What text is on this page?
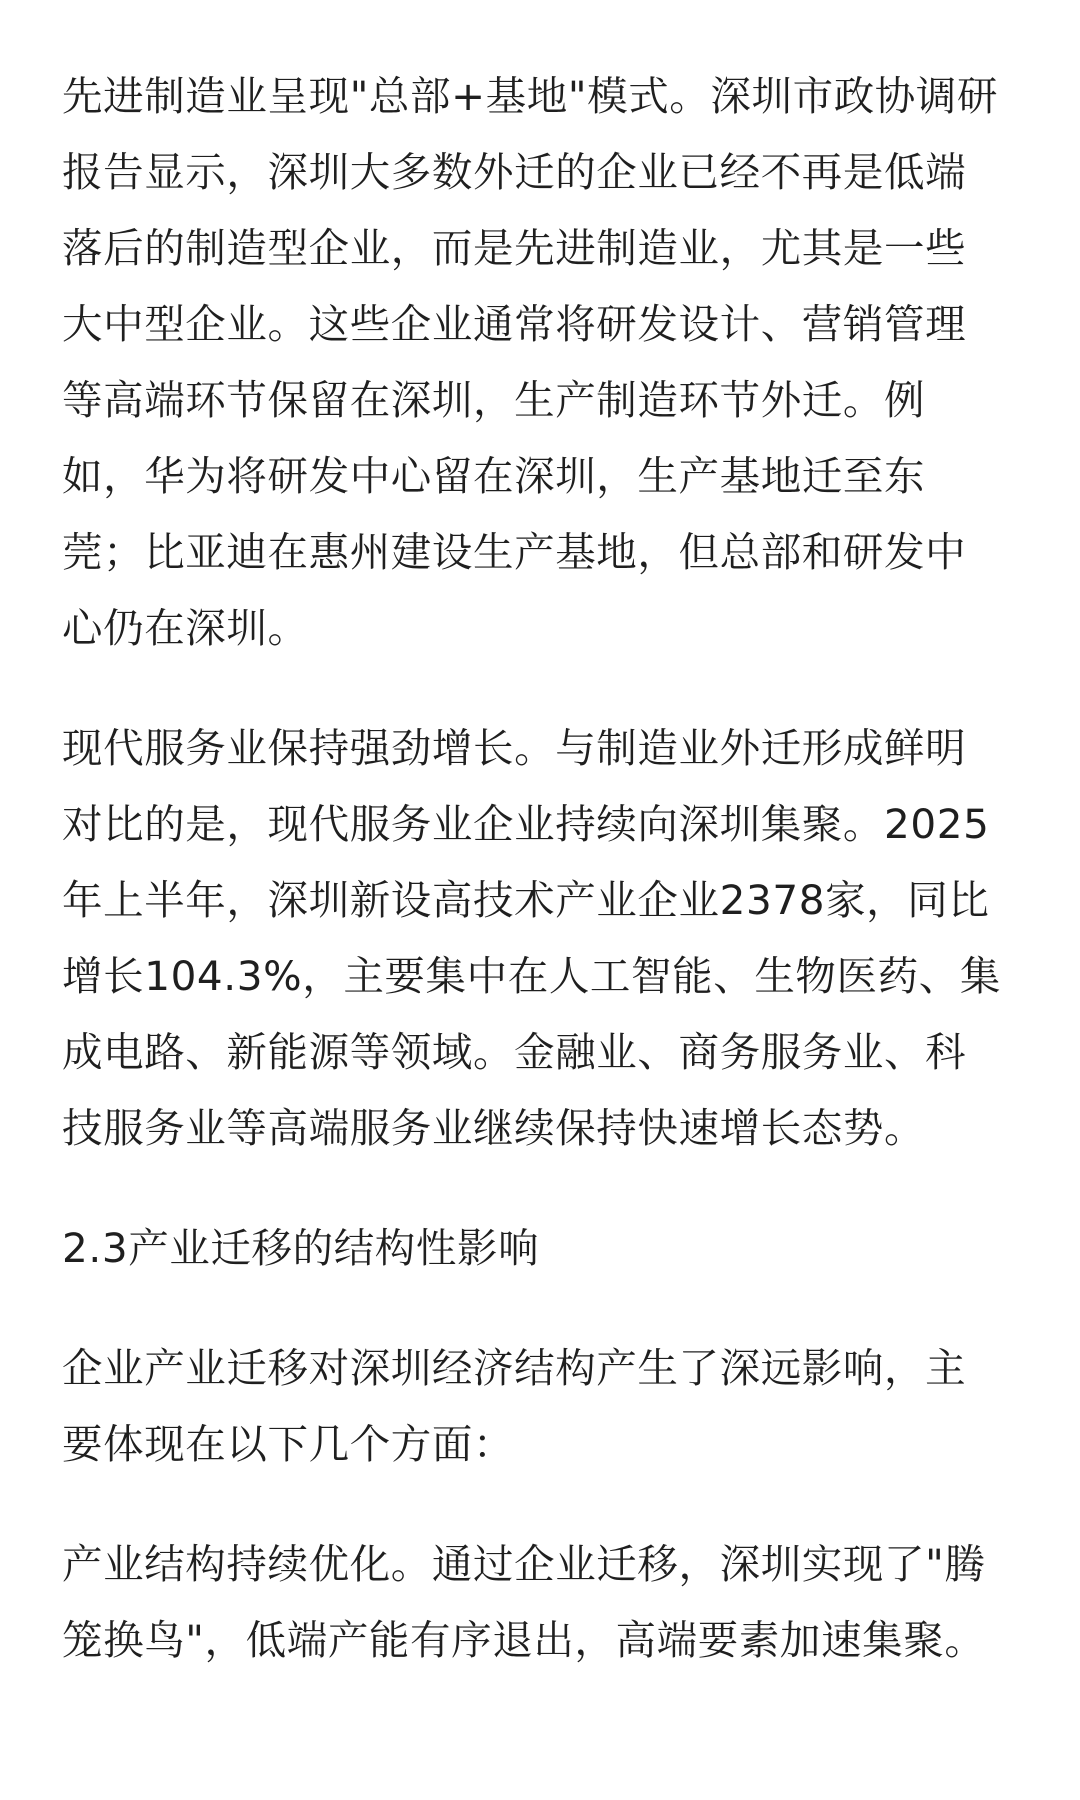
先进制造业呈现"总部+基地"模式。深圳市政协调研
报告显示，深圳大多数外迁的企业已经不再是低端
落后的制造型企业，而是先进制造业，尤其是一些
大中型企业。这些企业通常将研发设计、营销管理
等高端环节保留在深圳，生产制造环节外迁。例
如，华为将研发中心留在深圳，生产基地迁至东
莞；比亚迪在惠州建设生产基地，但总部和研发中
心仍在深圳。

现代服务业保持强劲增长。与制造业外迁形成鲜明
对比的是，现代服务业企业持续向深圳集聚。2025
年上半年，深圳新设高技术产业企业2378家，同比
增长104.3%，主要集中在人工智能、生物医药、集
成电路、新能源等领域。金融业、商务服务业、科
技服务业等高端服务业继续保持快速增长态势。

2.3产业迁移的结构性影响

企业产业迁移对深圳经济结构产生了深远影响，主
要体现在以下几个方面：

产业结构持续优化。通过企业迁移，深圳实现了"腾
笼换鸟"，低端产能有序退出，高端要素加速集聚。
